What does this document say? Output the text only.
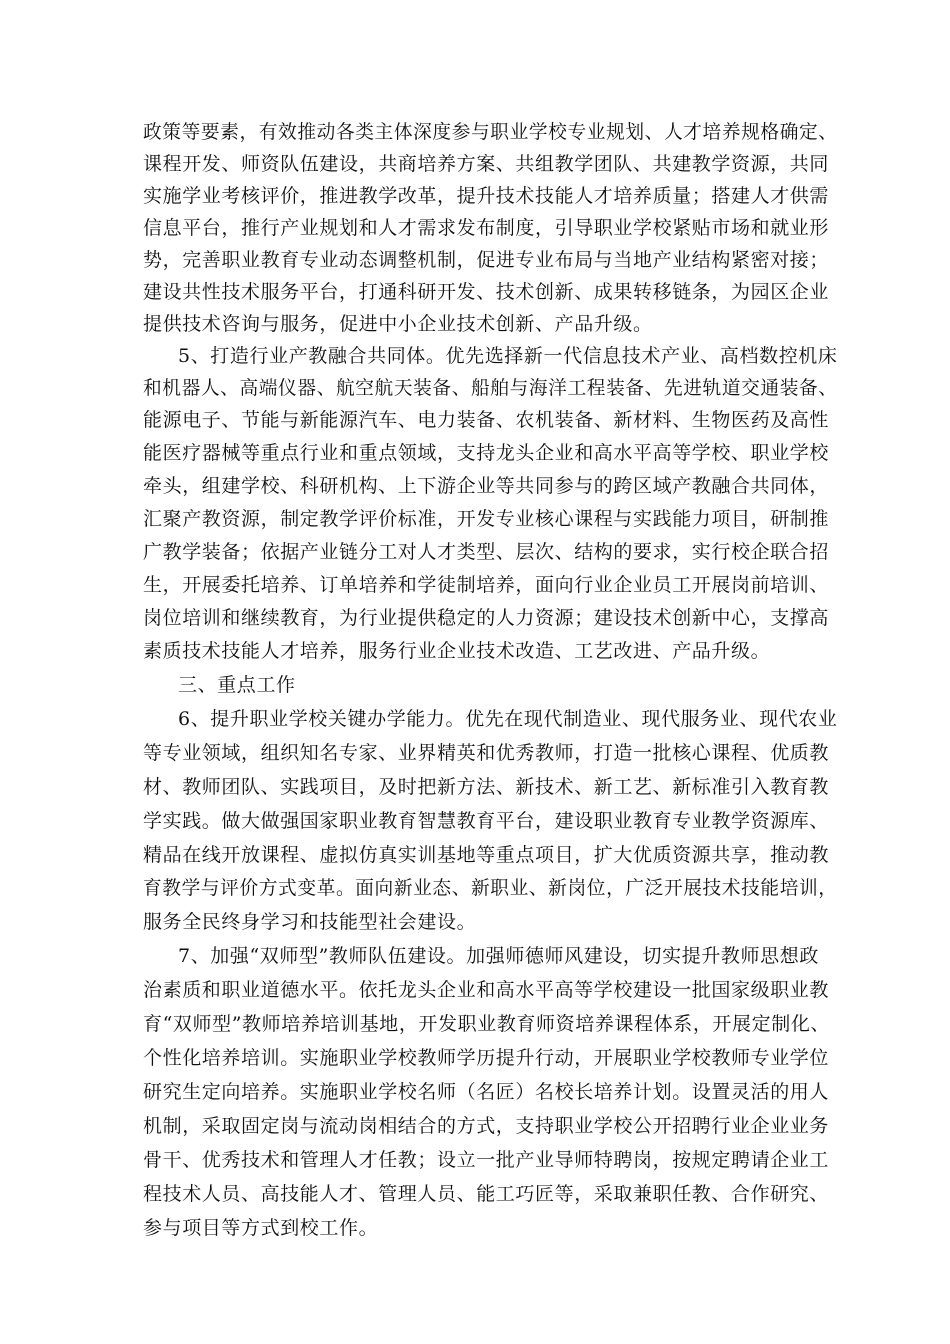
政策等要素，有效推动各类主体深度参与职业学校专业规划、人才培养规格确定、
课程开发、师资队伍建设，共商培养方案、共组教学团队、共建教学资源，共同
实施学业考核评价，推进教学改革，提升技术技能人才培养质量；搭建人才供需
信息平台，推行产业规划和人才需求发布制度，引导职业学校紧贴市场和就业形
势，完善职业教育专业动态调整机制，促进专业布局与当地产业结构紧密对接；
建设共性技术服务平台，打通科研开发、技术创新、成果转移链条，为园区企业
提供技术咨询与服务，促进中小企业技术创新、产品升级。
5、打造行业产教融合共同体。优先选择新一代信息技术产业、高档数控机床
和机器人、高端仪器、航空航天装备、船舶与海洋工程装备、先进轨道交通装备、
能源电子、节能与新能源汽车、电力装备、农机装备、新材料、生物医药及高性
能医疗器械等重点行业和重点领域，支持龙头企业和高水平高等学校、职业学校
牵头，组建学校、科研机构、上下游企业等共同参与的跨区域产教融合共同体，
汇聚产教资源，制定教学评价标准，开发专业核心课程与实践能力项目，研制推
广教学装备；依据产业链分工对人才类型、层次、结构的要求，实行校企联合招
生，开展委托培养、订单培养和学徒制培养，面向行业企业员工开展岗前培训、
岗位培训和继续教育，为行业提供稳定的人力资源；建设技术创新中心，支撑高
素质技术技能人才培养，服务行业企业技术改造、工艺改进、产品升级。
三、重点工作
6、提升职业学校关键办学能力。优先在现代制造业、现代服务业、现代农业
等专业领域，组织知名专家、业界精英和优秀教师，打造一批核心课程、优质教
材、教师团队、实践项目，及时把新方法、新技术、新工艺、新标准引入教育教
学实践。做大做强国家职业教育智慧教育平台，建设职业教育专业教学资源库、
精品在线开放课程、虚拟仿真实训基地等重点项目，扩大优质资源共享，推动教
育教学与评价方式变革。面向新业态、新职业、新岗位，广泛开展技术技能培训，
服务全民终身学习和技能型社会建设。
7、加强“双师型”教师队伍建设。加强师德师风建设，切实提升教师思想政
治素质和职业道德水平。依托龙头企业和高水平高等学校建设一批国家级职业教
育“双师型”教师培养培训基地，开发职业教育师资培养课程体系，开展定制化、
个性化培养培训。实施职业学校教师学历提升行动，开展职业学校教师专业学位
研究生定向培养。实施职业学校名师（名匠）名校长培养计划。设置灵活的用人
机制，采取固定岗与流动岗相结合的方式，支持职业学校公开招聘行业企业业务
骨干、优秀技术和管理人才任教；设立一批产业导师特聘岗，按规定聘请企业工
程技术人员、高技能人才、管理人员、能工巧匠等，采取兼职任教、合作研究、
参与项目等方式到校工作。
